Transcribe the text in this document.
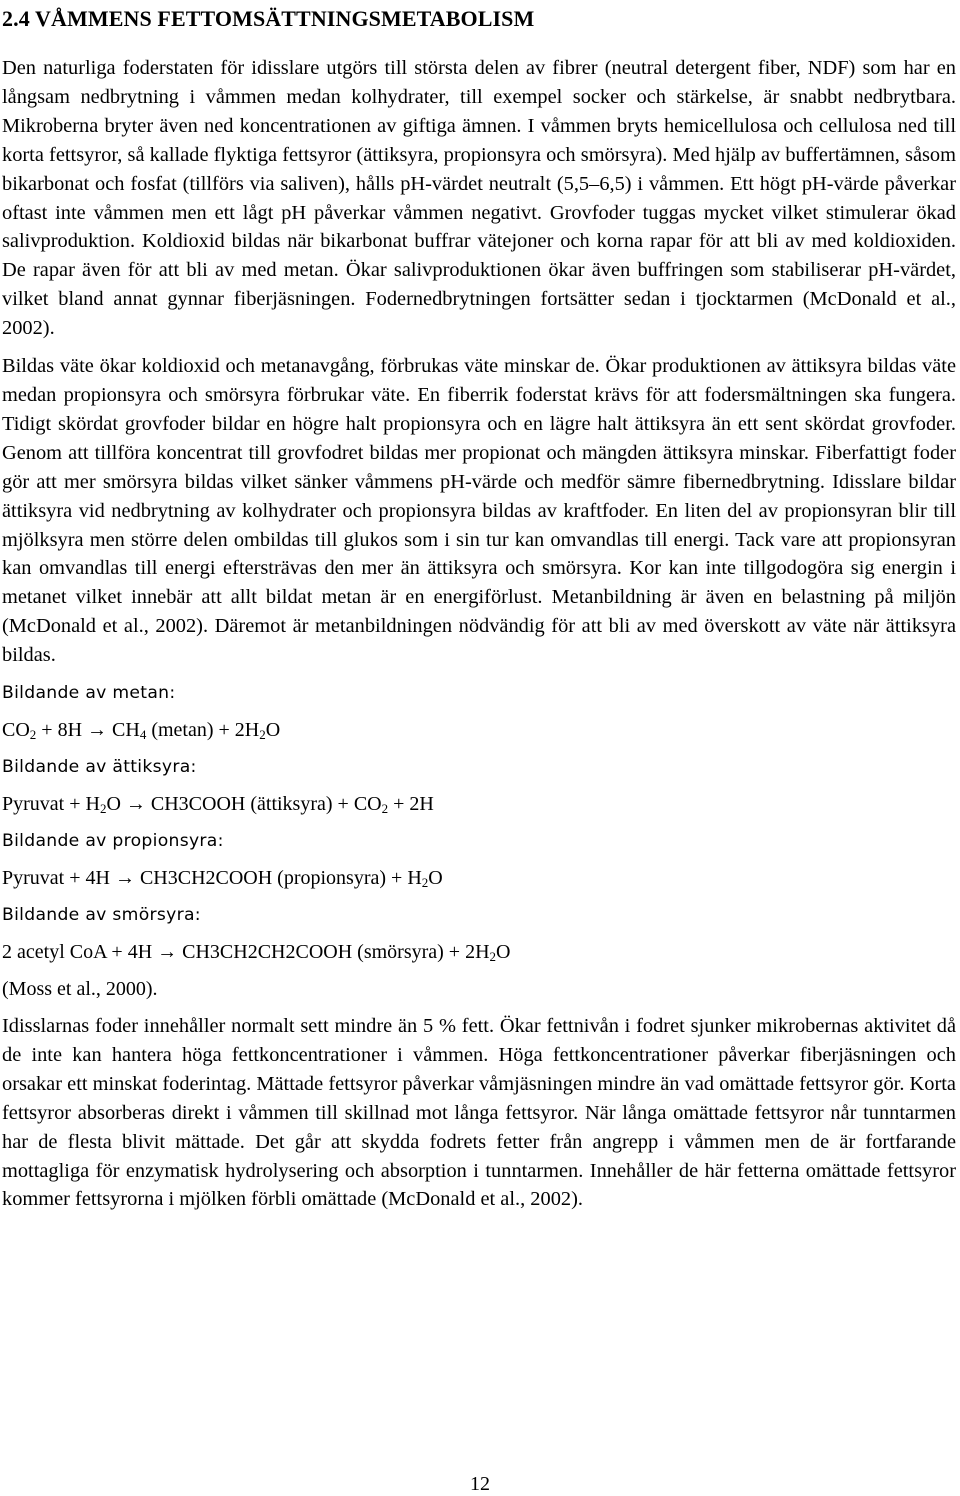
2.4 VÅMMENS FETTOMSÄTTNINGSMETABOLISM

Den naturliga foderstaten för idisslare utgörs till största delen av fibrer (neutral detergent fiber, NDF) som har en långsam nedbrytning i våmmen medan kolhydrater, till exempel socker och stärkelse, är snabbt nedbrytbara. Mikroberna bryter även ned koncentrationen av giftiga ämnen. I våmmen bryts hemicellulosa och cellulosa ned till korta fettsyror, så kallade flyktiga fettsyror (ättiksyra, propionsyra och smörsyra). Med hjälp av buffertämnen, såsom bikarbonat och fosfat (tillförs via saliven), hålls pH-värdet neutralt (5,5–6,5) i våmmen. Ett högt pH-värde påverkar oftast inte våmmen men ett lågt pH påverkar våmmen negativt. Grovfoder tuggas mycket vilket stimulerar ökad salivproduktion. Koldioxid bildas när bikarbonat buffrar vätejoner och korna rapar för att bli av med koldioxiden. De rapar även för att bli av med metan. Ökar salivproduktionen ökar även buffringen som stabiliserar pH-värdet, vilket bland annat gynnar fiberjäsningen. Fodernedbrytningen fortsätter sedan i tjocktarmen (McDonald et al., 2002).

Bildas väte ökar koldioxid och metanavgång, förbrukas väte minskar de. Ökar produktionen av ättiksyra bildas väte medan propionsyra och smörsyra förbrukar väte. En fiberrik foderstat krävs för att fodersmältningen ska fungera. Tidigt skördat grovfoder bildar en högre halt propionsyra och en lägre halt ättiksyra än ett sent skördat grovfoder. Genom att tillföra koncentrat till grovfodret bildas mer propionat och mängden ättiksyra minskar. Fiberfattigt foder gör att mer smörsyra bildas vilket sänker våmmens pH-värde och medför sämre fibernedbrytning. Idisslare bildar ättiksyra vid nedbrytning av kolhydrater och propionsyra bildas av kraftfoder. En liten del av propionsyran blir till mjölksyra men större delen ombildas till glukos som i sin tur kan omvandlas till energi. Tack vare att propionsyran kan omvandlas till energi eftersträvas den mer än ättiksyra och smörsyra. Kor kan inte tillgodogöra sig energin i metanet vilket innebär att allt bildat metan är en energiförlust. Metanbildning är även en belastning på miljön (McDonald et al., 2002). Däremot är metanbildningen nödvändig för att bli av med överskott av väte när ättiksyra bildas.

Bildande av metan:
$CO_2 + 8H \to CH_4$ $(metan) + 2H_2O$
Bildande av ättiksyra:
Pyruvat + $H_2O$ → CH3COOH (ättiksyra) + $CO_2 + 2H$
Bildande av propionsyra:
Pyruvat + 4H → CH3CH2COOH (propionsyra) + $H_2O$
Bildande av smörsyra:
2 acetyl CoA + 4H → CH3CH2CH2COOH (smörsyra) + $2H_2O$
(Moss et al., 2000).

Idisslarnas foder innehåller normalt sett mindre än 5 % fett. Ökar fettnivån i fodret sjunker mikrobernas aktivitet då de inte kan hantera höga fettkoncentrationer i våmmen. Höga fettkoncentrationer påverkar fiberjäsningen och orsakar ett minskat foderintag. Mättade fettsyror påverkar våmjäsningen mindre än vad omättade fettsyror gör. Korta fettsyror absorberas direkt i våmmen till skillnad mot långa fettsyror. När långa omättade fettsyror når tunntarmen har de flesta blivit mättade. Det går att skydda fodrets fetter från angrepp i våmmen men de är fortfarande mottagliga för enzymatisk hydrolysering och absorption i tunntarmen. Innehåller de här fetterna omättade fettsyror kommer fettsyrorna i mjölken förbli omättade (McDonald et al., 2002).

12
